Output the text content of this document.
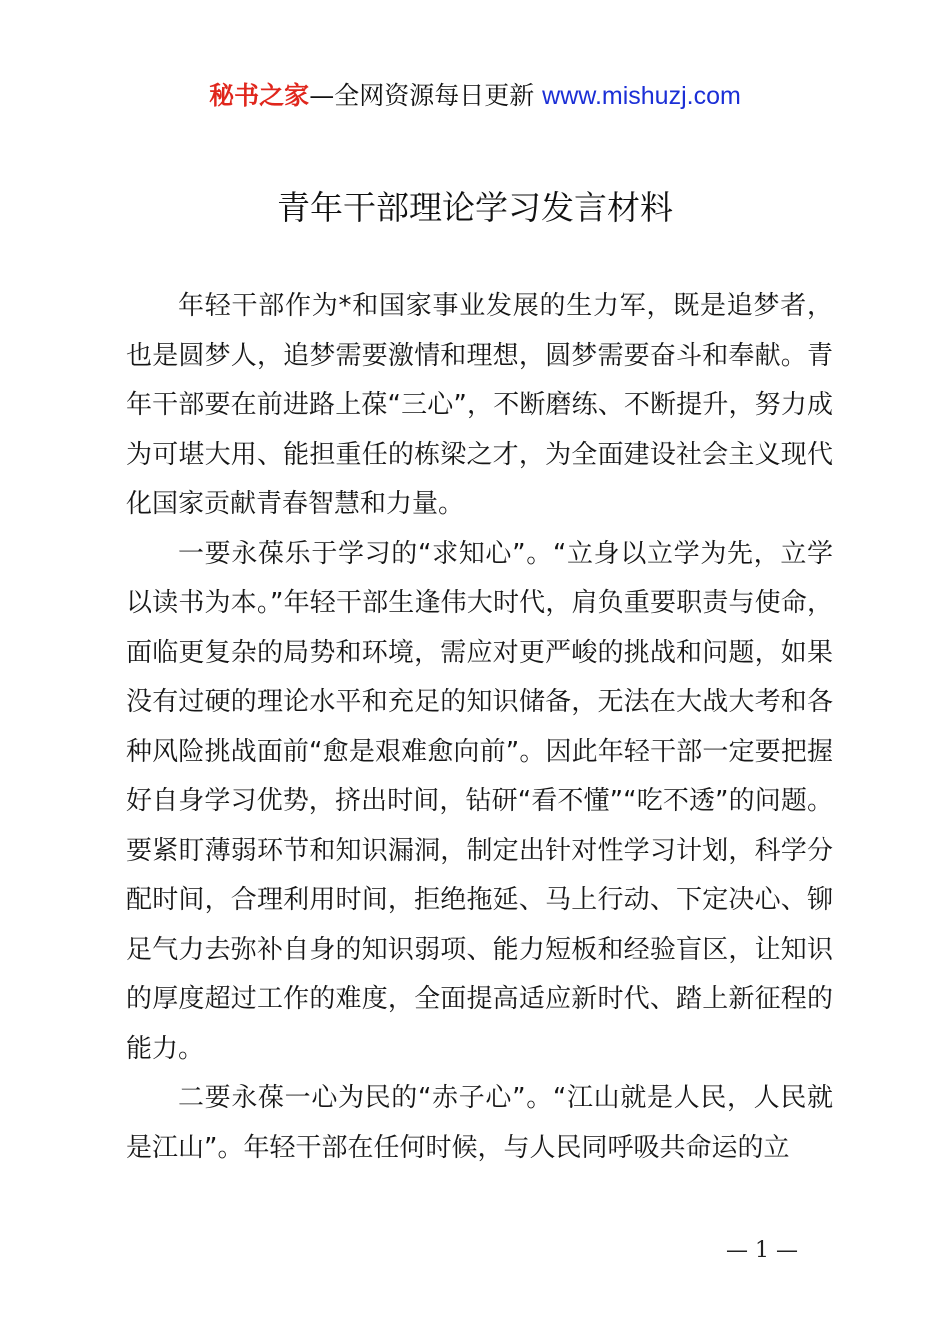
秘书之家—全网资源每日更新 www.mishuzj.com
青年干部理论学习发言材料

年轻干部作为*和国家事业发展的生力军，既是追梦者，也是圆梦人，追梦需要激情和理想，圆梦需要奋斗和奉献。青年干部要在前进路上葆“三心”，不断磨练、不断提升，努力成为可堪大用、能担重任的栋梁之才，为全面建设社会主义现代化国家贡献青春智慧和力量。

一要永葆乐于学习的“求知心”。“立身以立学为先，立学以读书为本。”年轻干部生逢伟大时代，肩负重要职责与使命，面临更复杂的局势和环境，需应对更严峻的挑战和问题，如果没有过硬的理论水平和充足的知识储备，无法在大战大考和各种风险挑战面前“愈是艰难愈向前”。因此年轻干部一定要把握好自身学习优势，挤出时间，钻研“看不懂”“吃不透”的问题。要紧盯薄弱环节和知识漏洞，制定出针对性学习计划，科学分配时间，合理利用时间，拒绝拖延、马上行动、下定决心、铆足气力去弥补自身的知识弱项、能力短板和经验盲区，让知识的厚度超过工作的难度，全面提高适应新时代、踏上新征程的能力。

二要永葆一心为民的“赤子心”。“江山就是人民，人民就是江山”。年轻干部在任何时候，与人民同呼吸共命运的立

— 1 —
